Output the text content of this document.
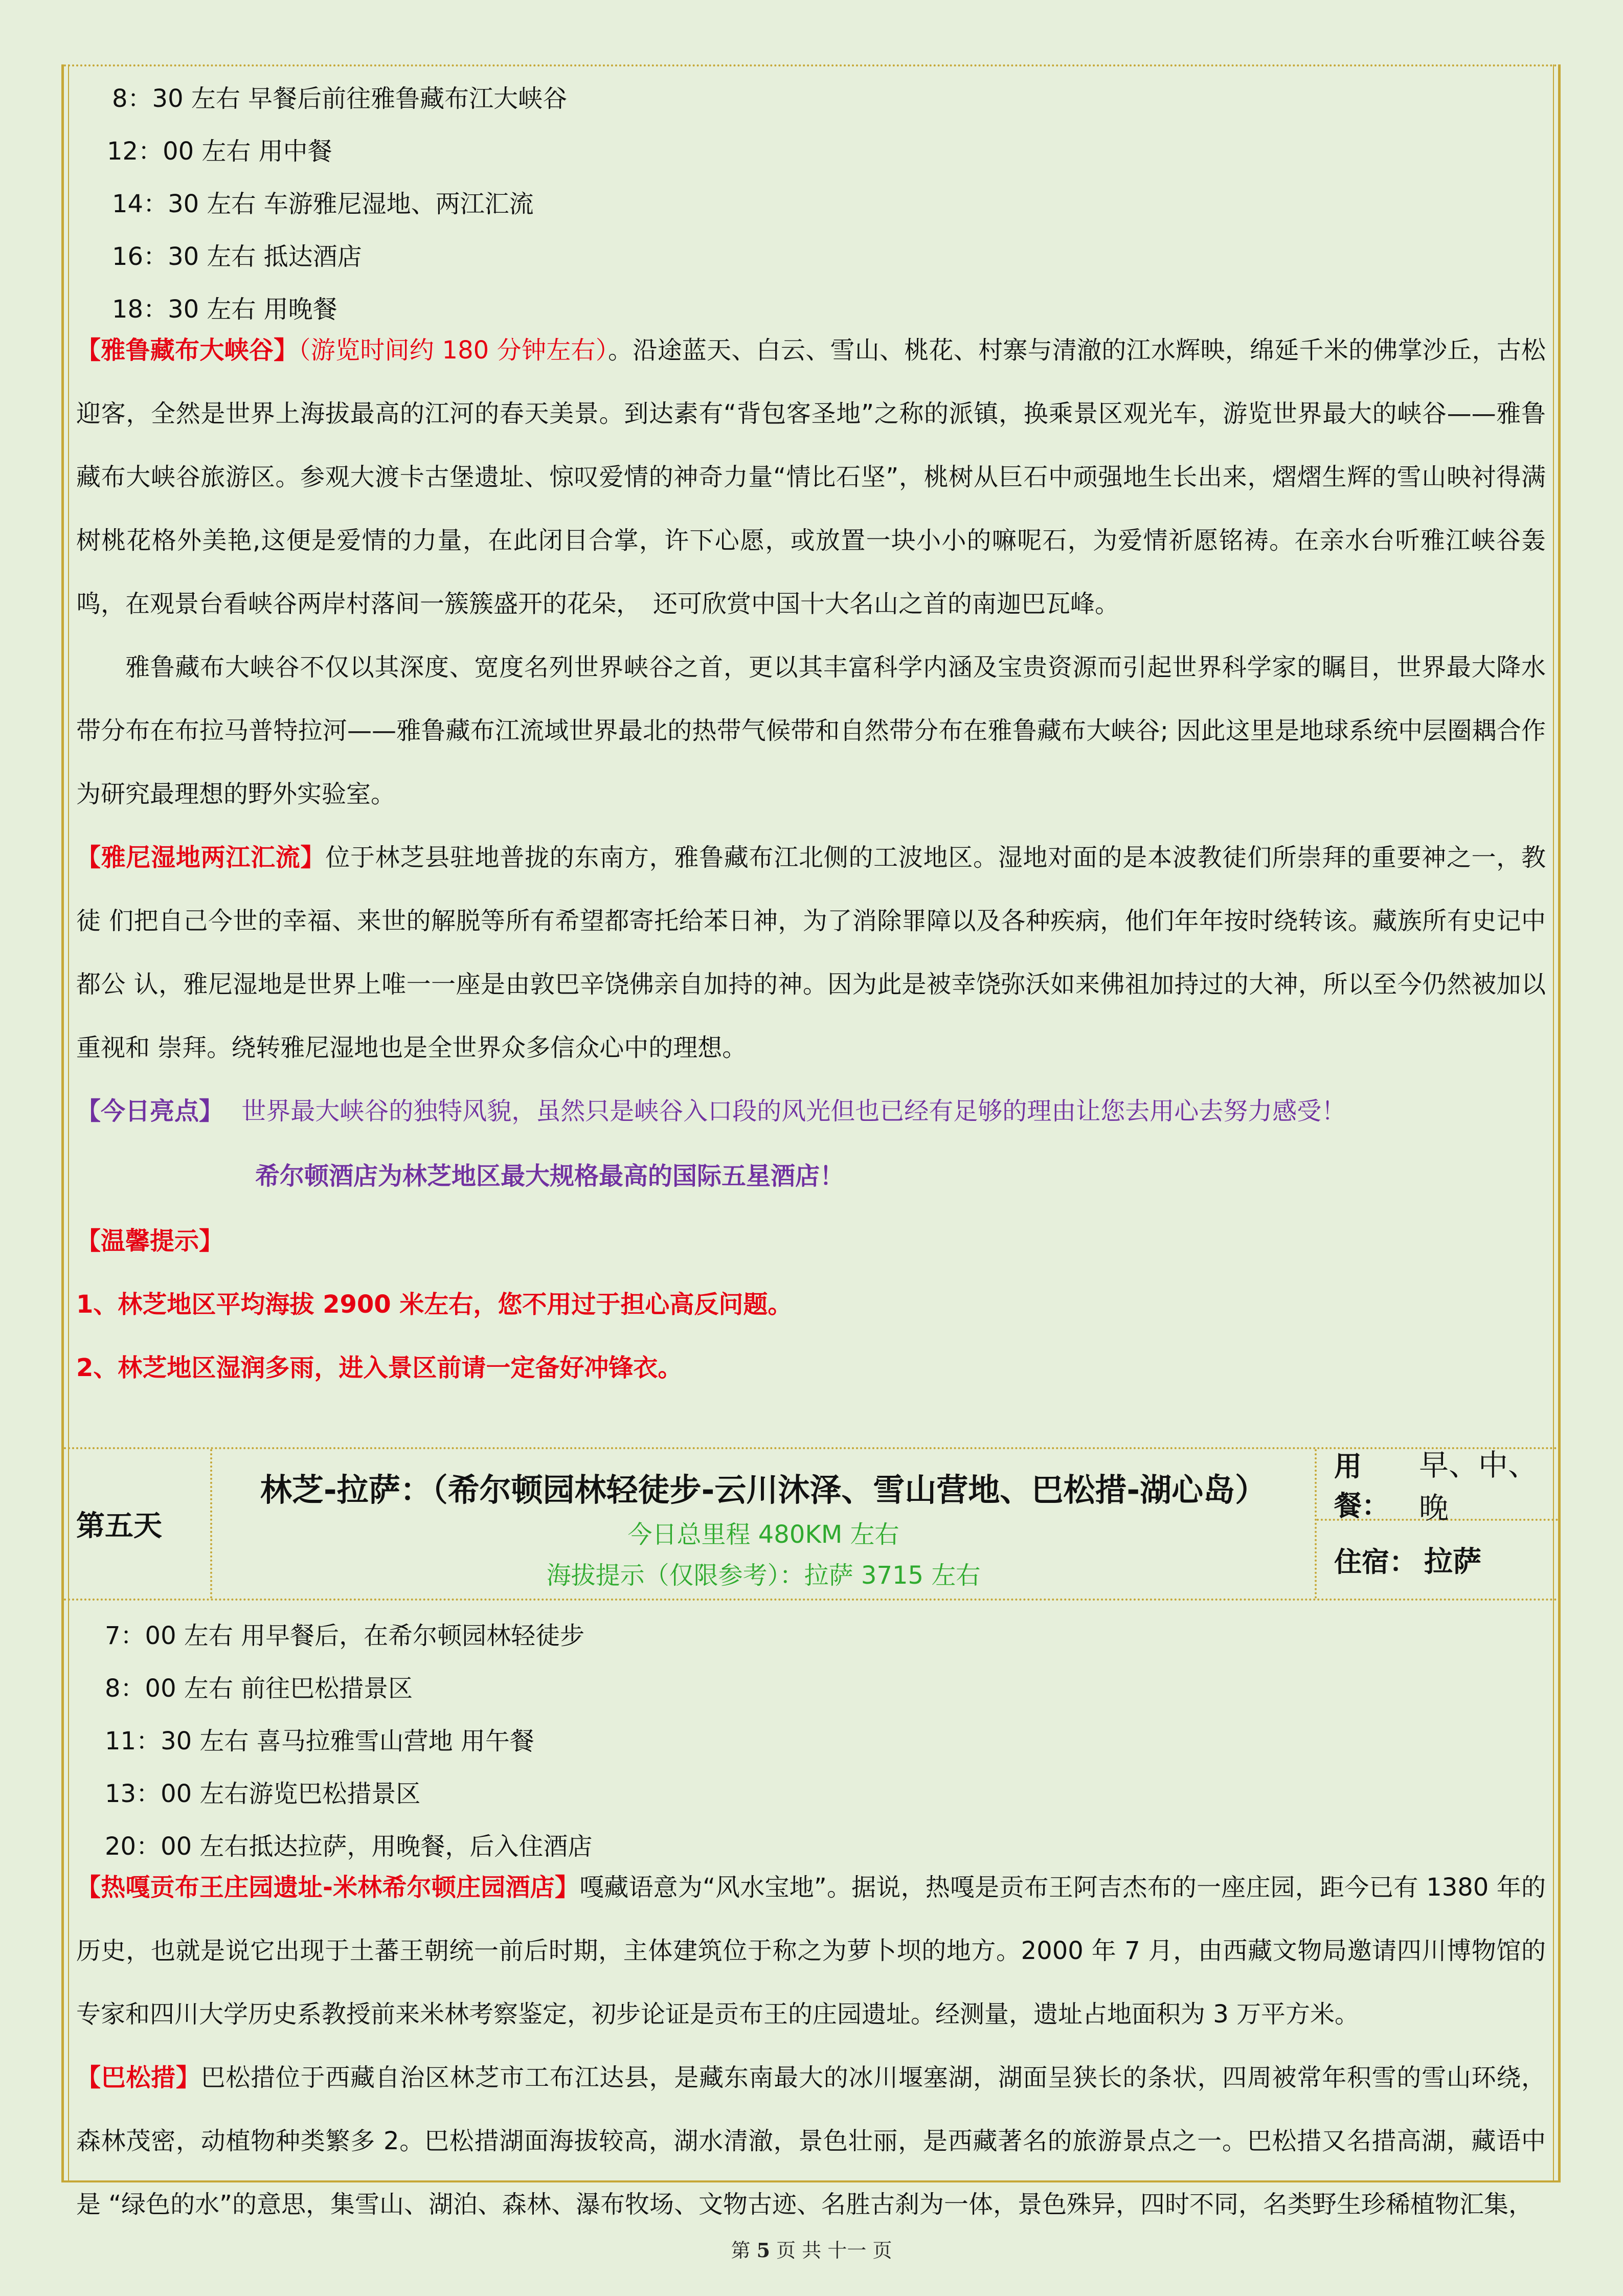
8：30 左右 早餐后前往雅鲁藏布江大峡谷
12：00 左右 用中餐
14：30 左右 车游雅尼湿地、两江汇流
16：30 左右 抵达酒店
18：30 左右 用晚餐

【雅鲁藏布大峡谷】（游览时间约 180 分钟左右）。沿途蓝天、白云、雪山、桃花、村寨与清澈的江水辉映，绵延千米的佛掌沙丘，古松迎客，全然是世界上海拔最高的江河的春天美景。到达素有“背包客圣地”之称的派镇，换乘景区观光车，游览世界最大的峡谷——雅鲁藏布大峡谷旅游区。参观大渡卡古堡遗址、惊叹爱情的神奇力量“情比石坚”，桃树从巨石中顽强地生长出来，熠熠生辉的雪山映衬得满树桃花格外美艳,这便是爱情的力量，在此闭目合掌，许下心愿，或放置一块小小的嘛呢石，为爱情祈愿铭祷。在亲水台听雅江峡谷轰鸣，在观景台看峡谷两岸村落间一簇簇盛开的花朵，　还可欣赏中国十大名山之首的南迦巴瓦峰。

雅鲁藏布大峡谷不仅以其深度、宽度名列世界峡谷之首，更以其丰富科学内涵及宝贵资源而引起世界科学家的瞩目，世界最大降水带分布在布拉马普特拉河——雅鲁藏布江流域世界最北的热带气候带和自然带分布在雅鲁藏布大峡谷; 因此这里是地球系统中层圈耦合作为研究最理想的野外实验室。

【雅尼湿地两江汇流】位于林芝县驻地普拢的东南方，雅鲁藏布江北侧的工波地区。湿地对面的是本波教徒们所崇拜的重要神之一，教徒 们把自己今世的幸福、来世的解脱等所有希望都寄托给苯日神，为了消除罪障以及各种疾病，他们年年按时绕转该。藏族所有史记中都公 认，雅尼湿地是世界上唯一一座是由敦巴辛饶佛亲自加持的神。因为此是被幸饶弥沃如来佛祖加持过的大神，所以至今仍然被加以重视和 崇拜。绕转雅尼湿地也是全世界众多信众心中的理想。

【今日亮点】 世界最大峡谷的独特风貌，虽然只是峡谷入口段的风光但也已经有足够的理由让您去用心去努力感受！

希尔顿酒店为林芝地区最大规格最高的国际五星酒店！

【温馨提示】

1、林芝地区平均海拔 2900 米左右，您不用过于担心高反问题。

2、林芝地区湿润多雨，进入景区前请一定备好冲锋衣。

第五天
林芝-拉萨：（希尔顿园林轻徒步-云川沐泽、雪山营地、巴松措-湖心岛）
今日总里程 480KM 左右
海拔提示（仅限参考）：拉萨 3715 左右
用餐：
早、中、晚
住宿： 拉萨
7：00 左右 用早餐后，在希尔顿园林轻徒步
8：00 左右 前往巴松措景区
11：30 左右 喜马拉雅雪山营地 用午餐
13：00 左右游览巴松措景区
20：00 左右抵达拉萨，用晚餐，后入住酒店

【热嘎贡布王庄园遗址-米林希尔顿庄园酒店】嘎藏语意为“风水宝地”。据说，热嘎是贡布王阿吉杰布的一座庄园，距今已有 1380 年的历史，也就是说它出现于土蕃王朝统一前后时期，主体建筑位于称之为萝卜坝的地方。2000 年 7 月，由西藏文物局邀请四川博物馆的专家和四川大学历史系教授前来米林考察鉴定，初步论证是贡布王的庄园遗址。经测量，遗址占地面积为 3 万平方米。

【巴松措】巴松措位于西藏自治区林芝市工布江达县，是藏东南最大的冰川堰塞湖，湖面呈狭长的条状，四周被常年积雪的雪山环绕，森林茂密，动植物种类繁多 2。巴松措湖面海拔较高，湖水清澈，景色壮丽，是西藏著名的旅游景点之一。巴松措又名措高湖，藏语中是 “绿色的水”的意思，集雪山、湖泊、森林、瀑布牧场、文物古迹、名胜古刹为一体，景色殊异，四时不同，名类野生珍稀植物汇集，

第 5 页 共 十一 页
